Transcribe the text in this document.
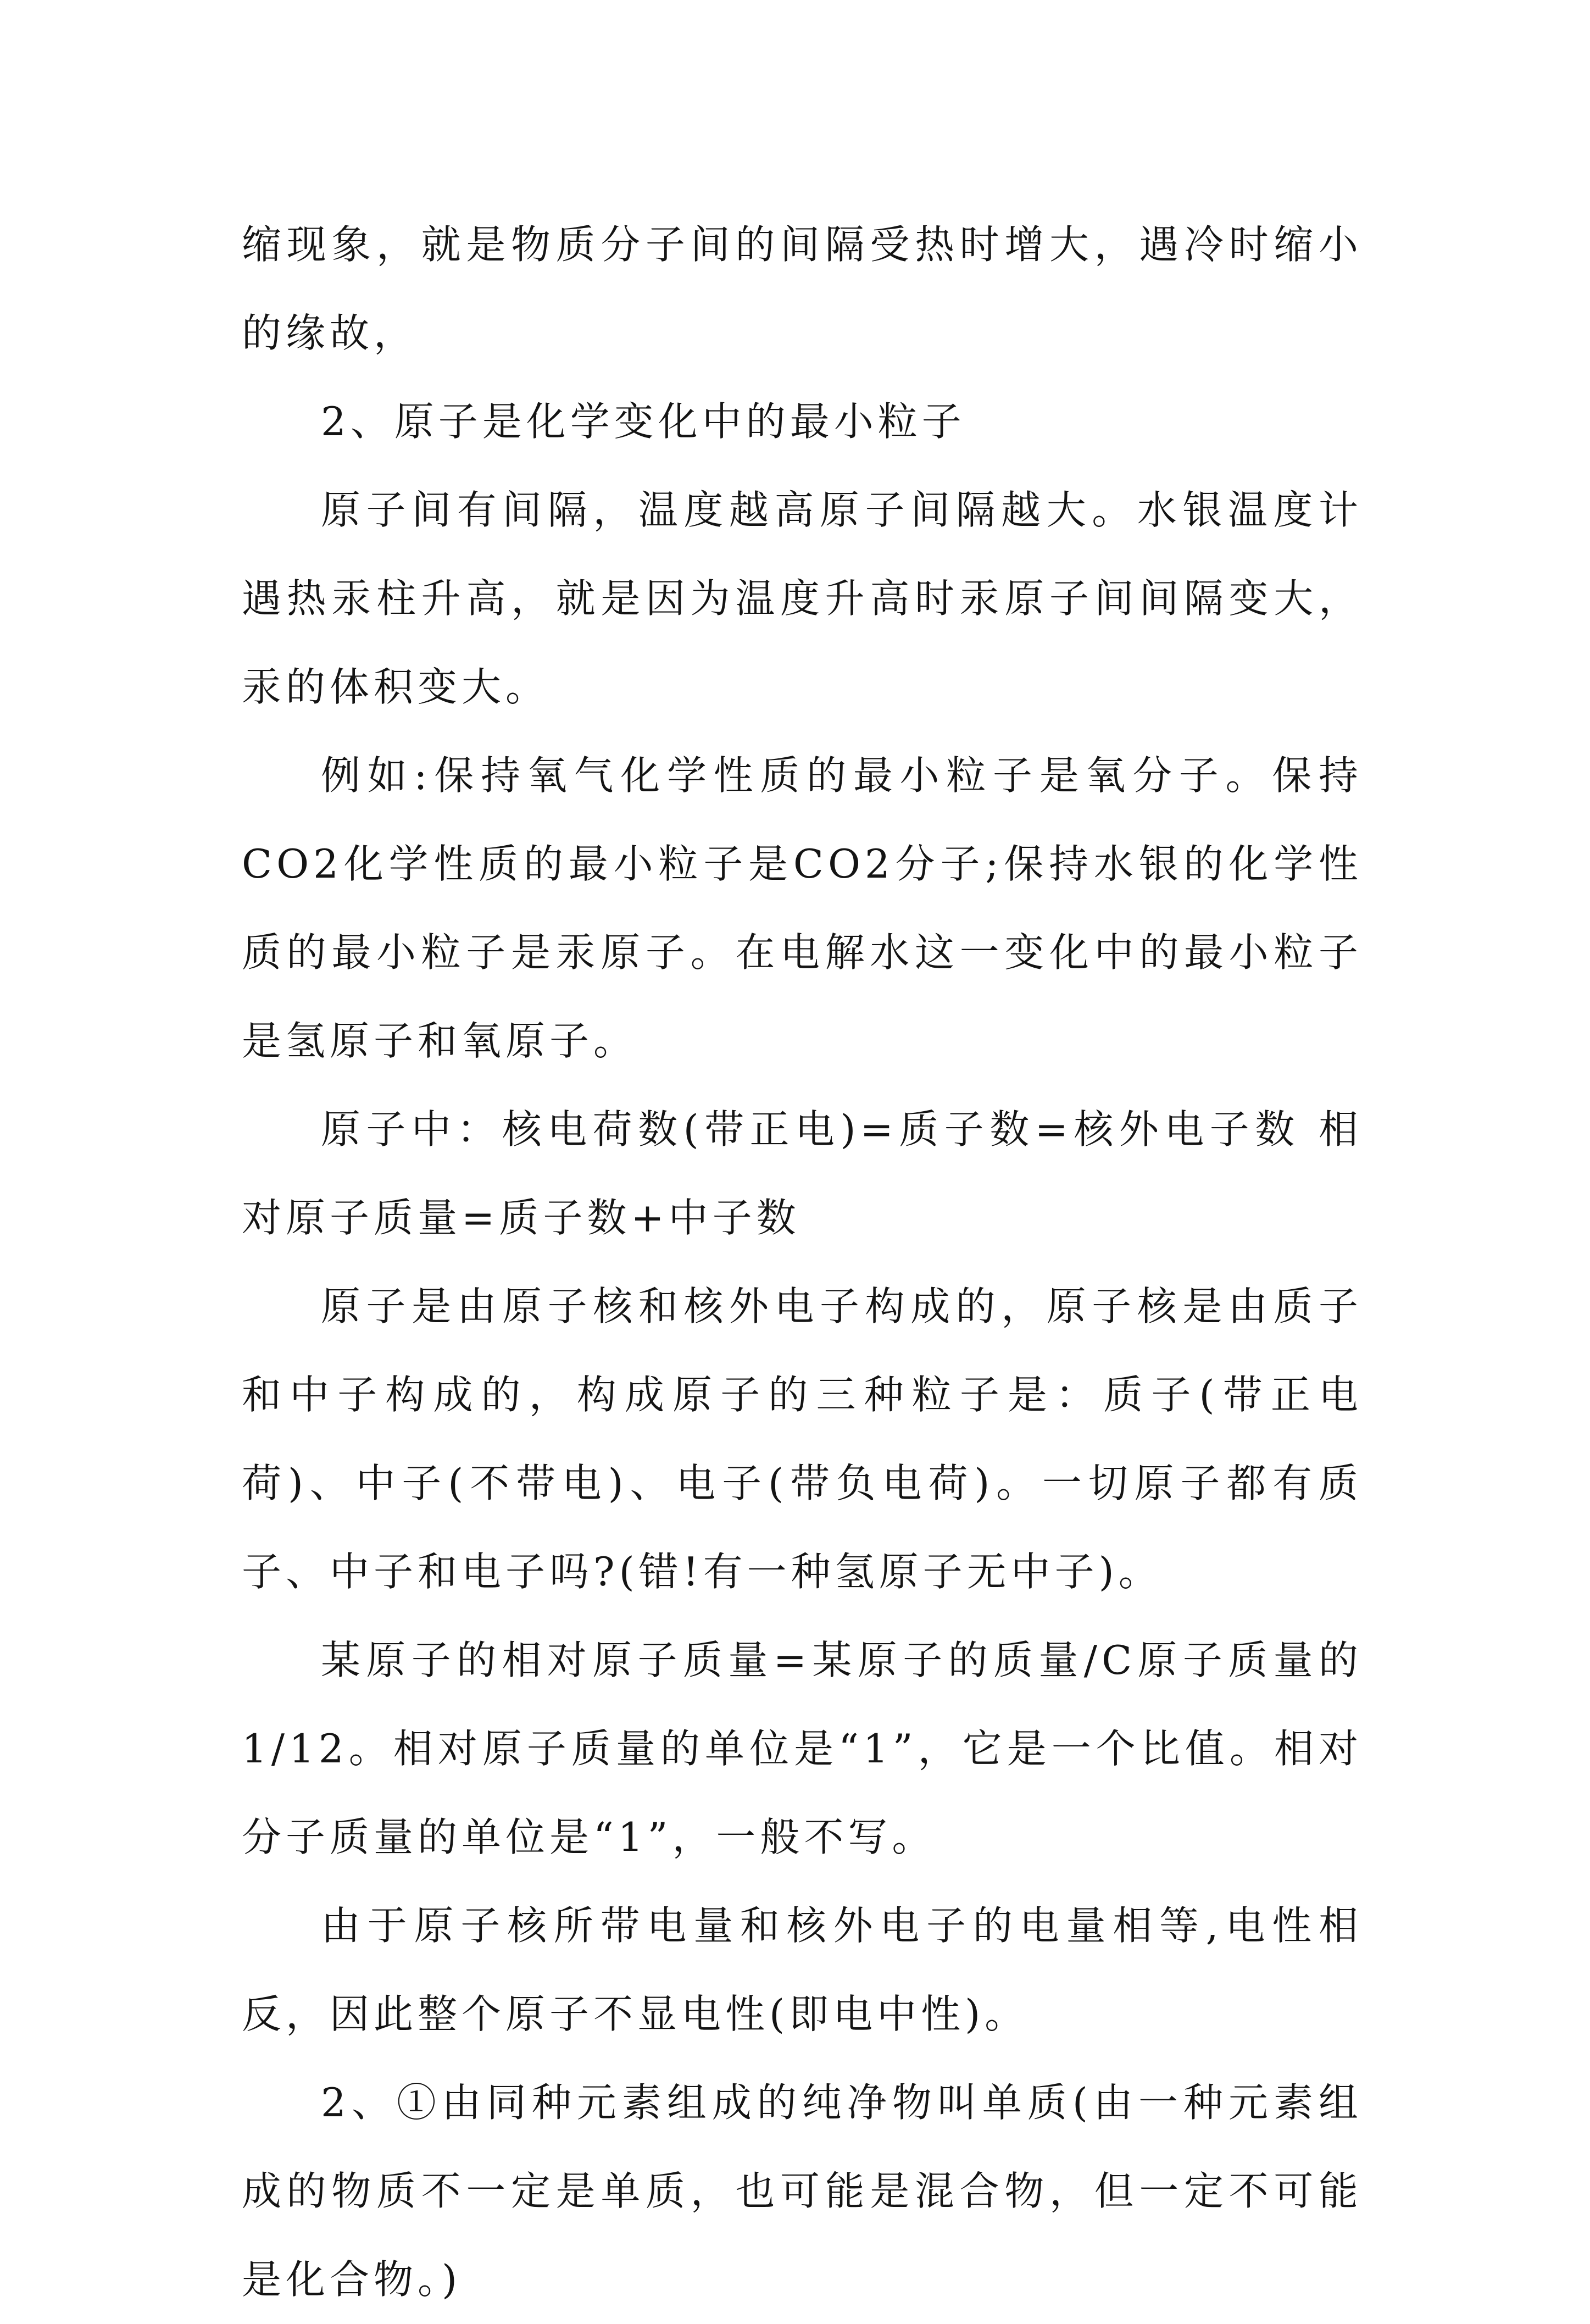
缩现象，就是物质分子间的间隔受热时增大，遇冷时缩小的缘故，

2、原子是化学变化中的最小粒子

原子间有间隔，温度越高原子间隔越大。水银温度计遇热汞柱升高，就是因为温度升高时汞原子间间隔变大，汞的体积变大。

例如:保持氧气化学性质的最小粒子是氧分子。保持CO2化学性质的最小粒子是CO2分子;保持水银的化学性质的最小粒子是汞原子。在电解水这一变化中的最小粒子是氢原子和氧原子。

原子中：核电荷数(带正电)=质子数=核外电子数 相对原子质量=质子数+中子数

原子是由原子核和核外电子构成的，原子核是由质子和中子构成的，构成原子的三种粒子是：质子(带正电荷)、中子(不带电)、电子(带负电荷)。一切原子都有质子、中子和电子吗?(错!有一种氢原子无中子)。

某原子的相对原子质量=某原子的质量/C原子质量的1/12。相对原子质量的单位是“1”，它是一个比值。相对分子质量的单位是“1”，一般不写。

由于原子核所带电量和核外电子的电量相等,电性相反，因此整个原子不显电性(即电中性)。

2、①由同种元素组成的纯净物叫单质(由一种元素组成的物质不一定是单质，也可能是混合物，但一定不可能是化合物。)
